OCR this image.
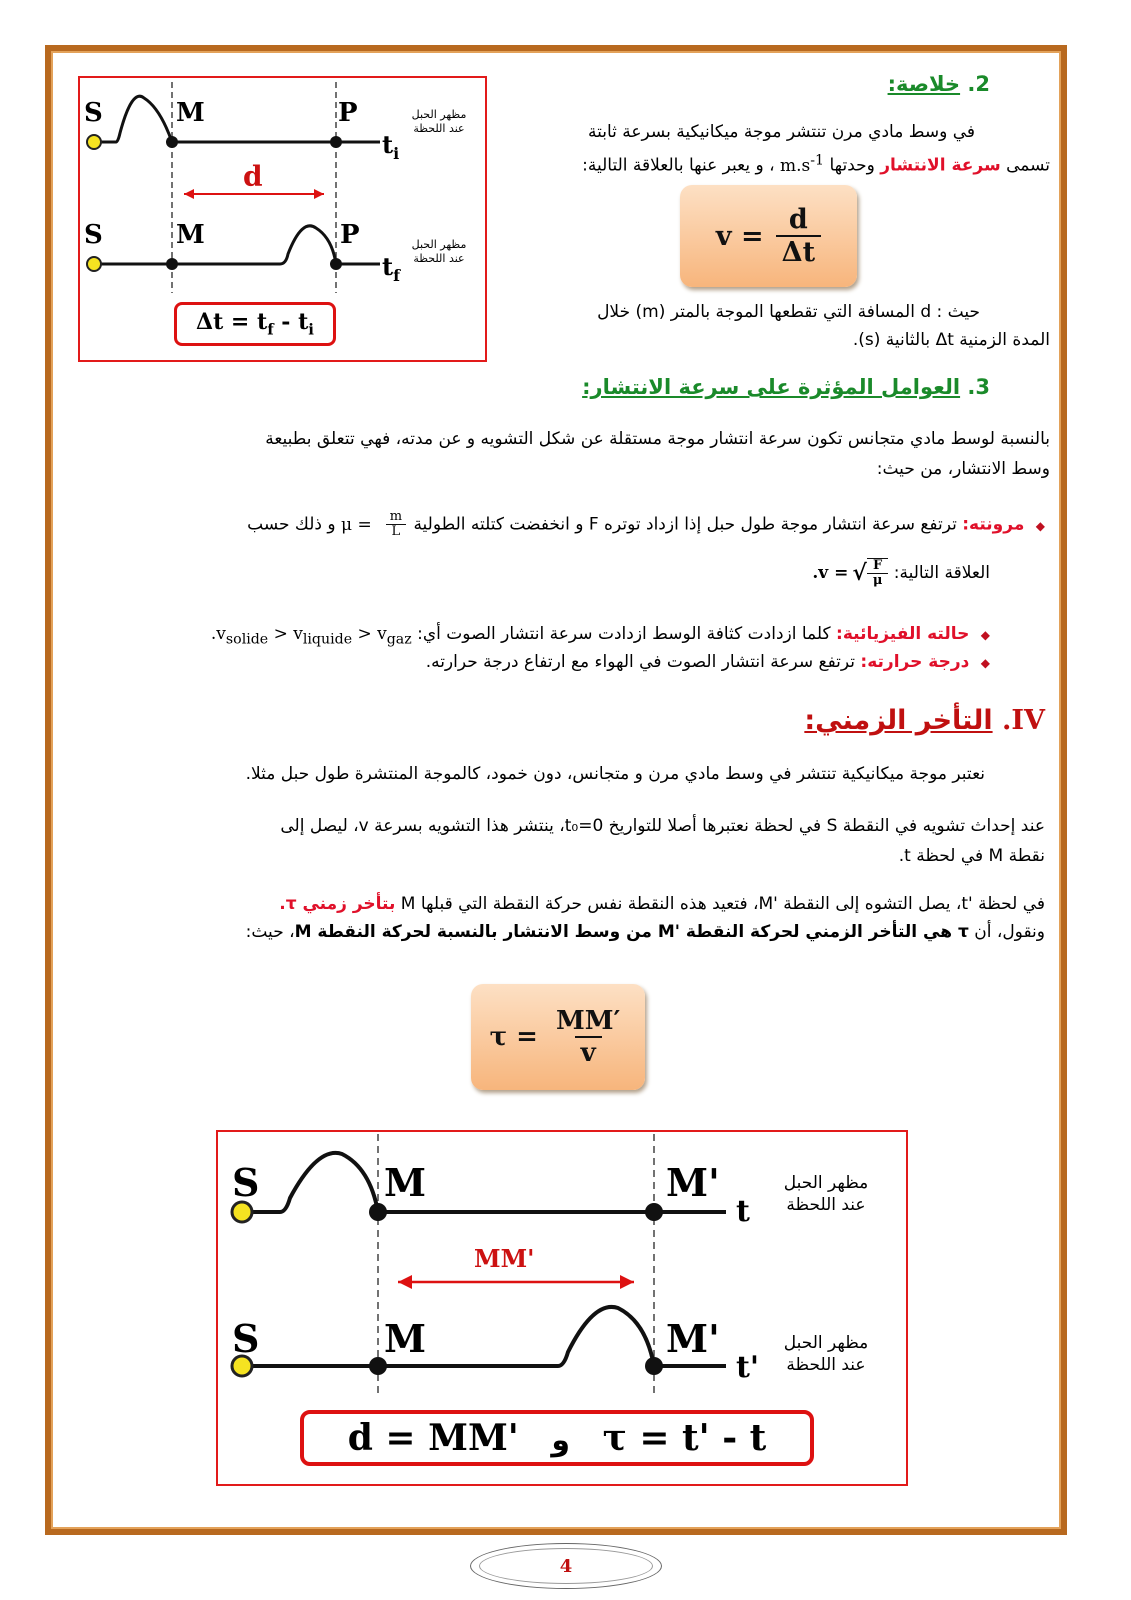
2. خلاصة:
في وسط مادي مرن تنتشر موجة ميكانيكية بسرعة ثابتة
تسمى سرعة الانتشار وحدتها $m.s^{-1}$ ، و يعبر عنها بالعلاقة التالية:
$v = \frac{d}{\Delta t}$
حيث : d المسافة التي تقطعها الموجة بالمتر (m) خلال
المدة الزمنية Δt بالثانية (s).
S	M	P
d
$t_i$
مظهر الحبل
عند اللحظة
S	M	P
$t_f$
مظهر الحبل
عند اللحظة
$\Delta t = t_f - t_i$
3. العوامل المؤثرة على سرعة الانتشار:
بالنسبة لوسط مادي متجانس تكون سرعة انتشار موجة مستقلة عن شكل التشويه و عن مدته، فهي تتعلق بطبيعة
وسط الانتشار، من حيث:
◆ مرونته: ترتفع سرعة انتشار موجة طول حبل إذا ازداد توتره F و انخفضت كتلته الطولية
$\mu = \frac{m}{L}$
و ذلك حسب
العلاقة التالية:
.v = √ $\frac{F}{\mu}$
◆ حالته الفيزيائية: كلما ازدادت كثافة الوسط ازدادت سرعة انتشار الصوت أي: $.v_{solide} > v_{liquide} > v_{gaz}$
◆ درجة حرارته: ترتفع سرعة انتشار الصوت في الهواء مع ارتفاع درجة حرارته.
IV. التأخر الزمني:
نعتبر موجة ميكانيكية تنتشر في وسط مادي مرن و متجانس، دون خمود، كالموجة المنتشرة طول حبل مثلا.
عند إحداث تشويه في النقطة S في لحظة نعتبرها أصلا للتواريخ t₀=0، ينتشر هذا التشويه بسرعة v، ليصل إلى
نقطة M في لحظة t.
في لحظة 't، يصل التشوه إلى النقطة 'M، فتعيد هذه النقطة نفس حركة النقطة التي قبلها M بتأخر زمني τ.
ونقول، أن τ هي التأخر الزمني لحركة النقطة 'M من وسط الانتشار بالنسبة لحركة النقطة M، حيث:
$\tau = \frac{MM'}{v}$
S	M	M'
MM'
t
مظهر الحبل
عند اللحظة
S	M	M'
t'
مظهر الحبل
عند اللحظة
d = MM' و τ = t' - t
4
